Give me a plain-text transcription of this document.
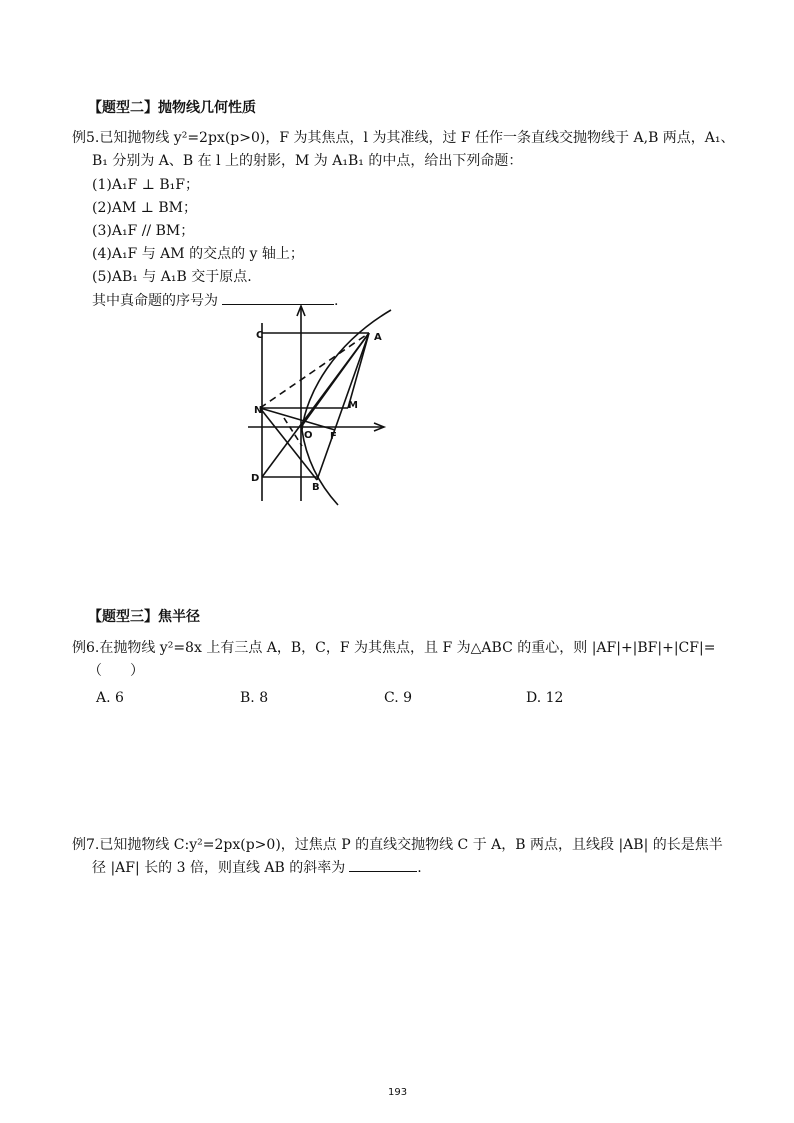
【题型二】抛物线几何性质
例5.已知抛物线 y²=2px(p>0)，F 为其焦点，l 为其准线，过 F 任作一条直线交抛物线于 A,B 两点，A₁、
B₁ 分别为 A、B 在 l 上的射影，M 为 A₁B₁ 的中点，给出下列命题：
(1)A₁F ⊥ B₁F；
(2)AM ⊥ BM；
(3)A₁F // BM；
(4)A₁F 与 AM 的交点的 y 轴上；
(5)AB₁ 与 A₁B 交于原点.
其中真命题的序号为	.
C	A
N	M
O F
D
B
【题型三】焦半径
例6.在抛物线 y²=8x 上有三点 A，B，C，F 为其焦点，且 F 为△ABC 的重心，则 |AF|+|BF|+|CF|=
（　　）
A. 6	B. 8	C. 9	D. 12
例7.已知抛物线 C:y²=2px(p>0)，过焦点 P 的直线交抛物线 C 于 A，B 两点，且线段 |AB| 的长是焦半
径 |AF| 长的 3 倍，则直线 AB 的斜率为	.
193
